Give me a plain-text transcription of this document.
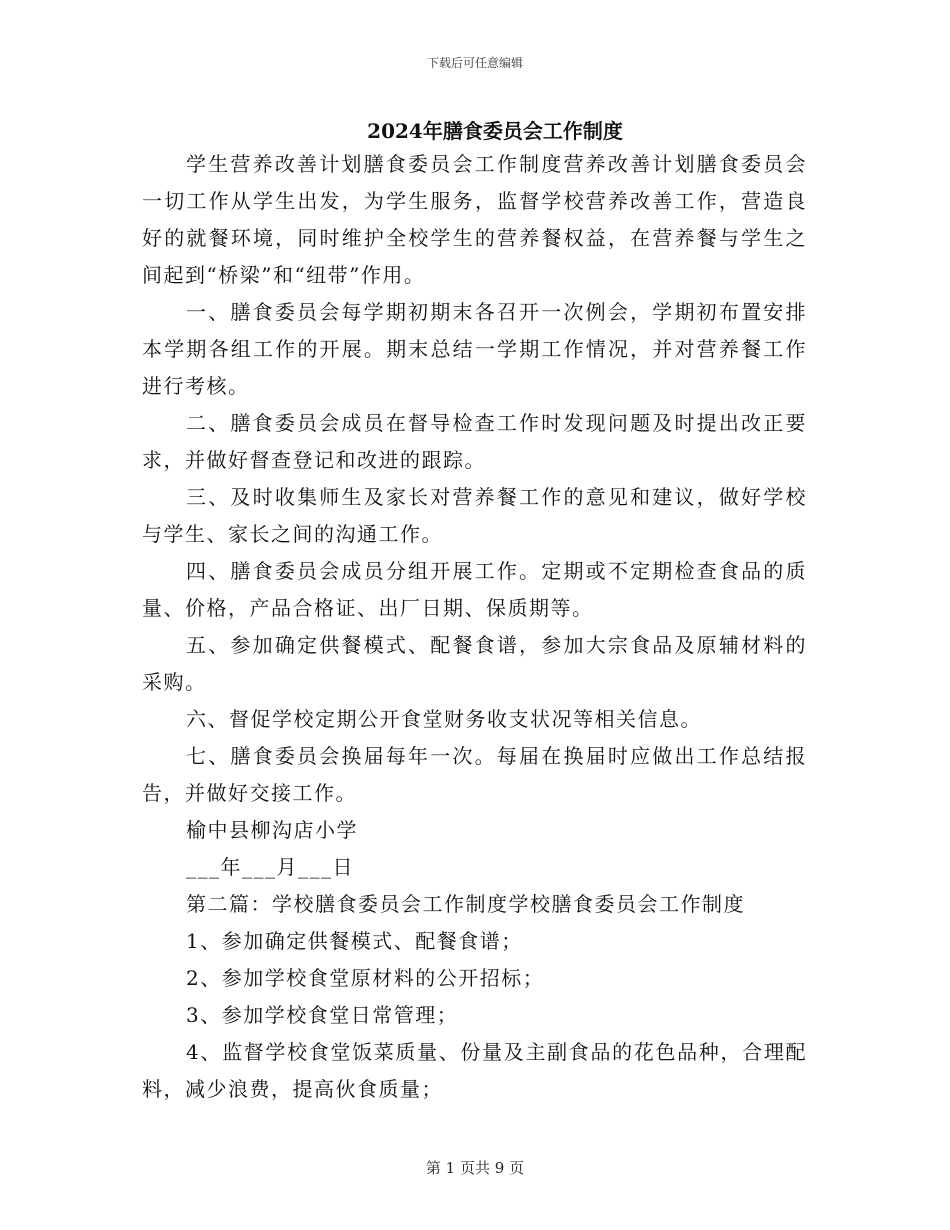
下载后可任意编辑
2024年膳食委员会工作制度

学生营养改善计划膳食委员会工作制度营养改善计划膳食委员会一切工作从学生出发，为学生服务，监督学校营养改善工作，营造良好的就餐环境，同时维护全校学生的营养餐权益，在营养餐与学生之间起到“桥梁”和“纽带”作用。

一、膳食委员会每学期初期末各召开一次例会，学期初布置安排本学期各组工作的开展。期末总结一学期工作情况，并对营养餐工作进行考核。

二、膳食委员会成员在督导检查工作时发现问题及时提出改正要求，并做好督查登记和改进的跟踪。

三、及时收集师生及家长对营养餐工作的意见和建议，做好学校与学生、家长之间的沟通工作。

四、膳食委员会成员分组开展工作。定期或不定期检查食品的质量、价格，产品合格证、出厂日期、保质期等。

五、参加确定供餐模式、配餐食谱，参加大宗食品及原辅材料的采购。

六、督促学校定期公开食堂财务收支状况等相关信息。

七、膳食委员会换届每年一次。每届在换届时应做出工作总结报告，并做好交接工作。

榆中县柳沟店小学

___年___月___日

第二篇：学校膳食委员会工作制度学校膳食委员会工作制度

1、参加确定供餐模式、配餐食谱；

2、参加学校食堂原材料的公开招标；

3、参加学校食堂日常管理；

4、监督学校食堂饭菜质量、份量及主副食品的花色品种，合理配料，减少浪费，提高伙食质量；

第 1 页共 9 页
